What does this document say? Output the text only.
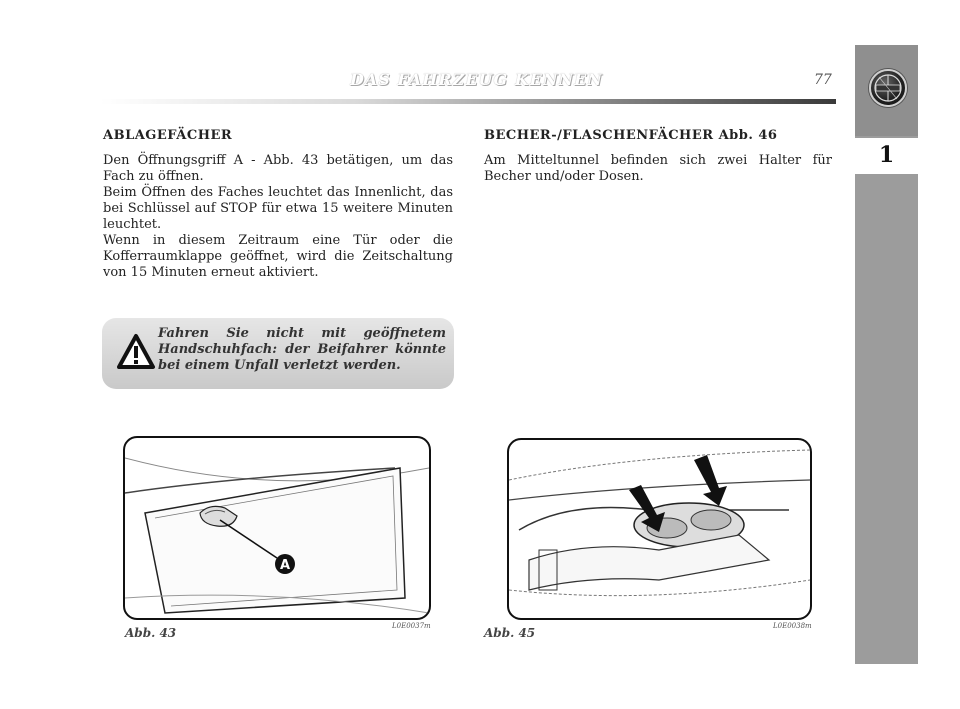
DAS FAHRZEUG KENNEN	77
1

ABLAGEFÄCHER

Den Öffnungsgriff A - Abb. 43 betätigen, um das Fach zu öffnen.

Beim Öffnen des Faches leuchtet das Innenlicht, das bei Schlüssel auf STOP für etwa 15 weitere Minuten leuchtet.

Wenn in diesem Zeitraum eine Tür oder die Kofferraumklappe geöffnet, wird die Zeitschaltung von 15 Minuten erneut aktiviert.

Fahren Sie nicht mit geöffnetem Handschuhfach: der Beifahrer könnte bei einem Unfall verletzt werden.

BECHER-/FLASCHENFÄCHER Abb. 46

Am Mitteltunnel befinden sich zwei Halter für Becher und/oder Dosen.

A
Abb. 43	L0E0037m	Abb. 45	L0E0038m
